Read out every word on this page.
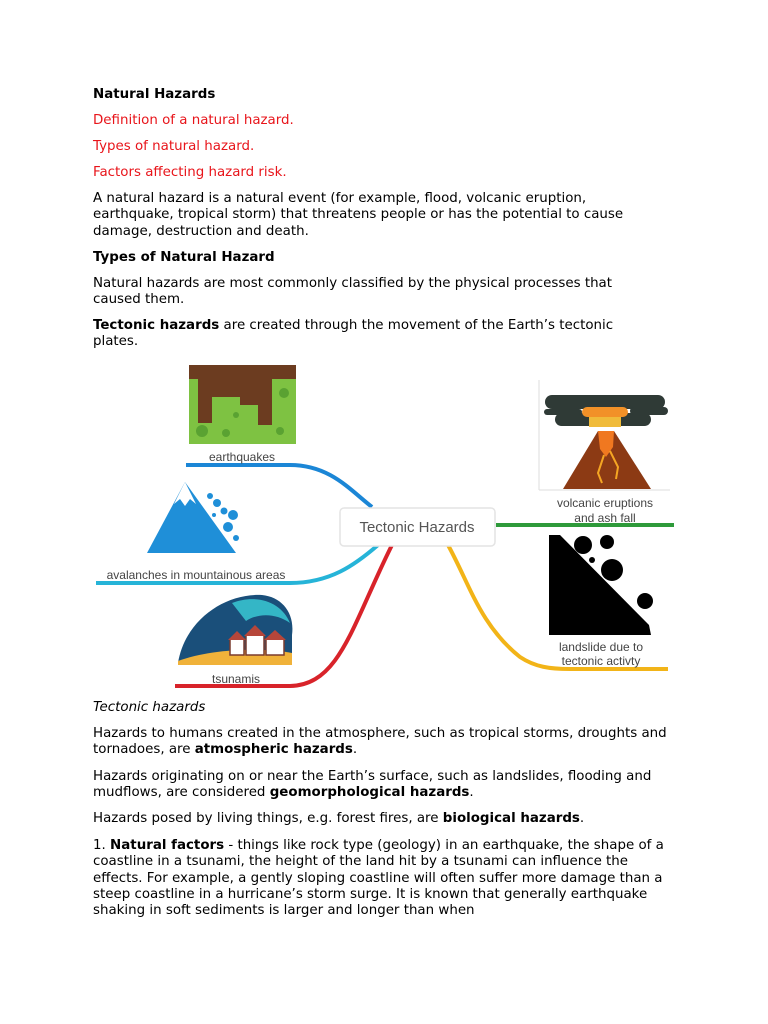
Natural Hazards

Definition of a natural hazard.

Types of natural hazard.

Factors affecting hazard risk.

A natural hazard is a natural event (for example, flood, volcanic eruption, earthquake, tropical storm) that threatens people or has the potential to cause damage, destruction and death.

Types of Natural Hazard

Natural hazards are most commonly classified by the physical processes that caused them.

Tectonic hazards are created through the movement of the Earth’s tectonic plates.

Tectonic Hazards
earthquakes
avalanches in mountainous areas
tsunamis
volcanic eruptions
and ash fall
landslide due to
tectonic activty

Tectonic hazards

Hazards to humans created in the atmosphere, such as tropical storms, droughts and tornadoes, are atmospheric hazards.

Hazards originating on or near the Earth’s surface, such as landslides, flooding and mudflows, are considered geomorphological hazards.

Hazards posed by living things, e.g. forest fires, are biological hazards.

1. Natural factors - things like rock type (geology) in an earthquake, the shape of a coastline in a tsunami, the height of the land hit by a tsunami can influence the effects. For example, a gently sloping coastline will often suffer more damage than a steep coastline in a hurricane’s storm surge. It is known that generally earthquake shaking in soft sediments is larger and longer than when
